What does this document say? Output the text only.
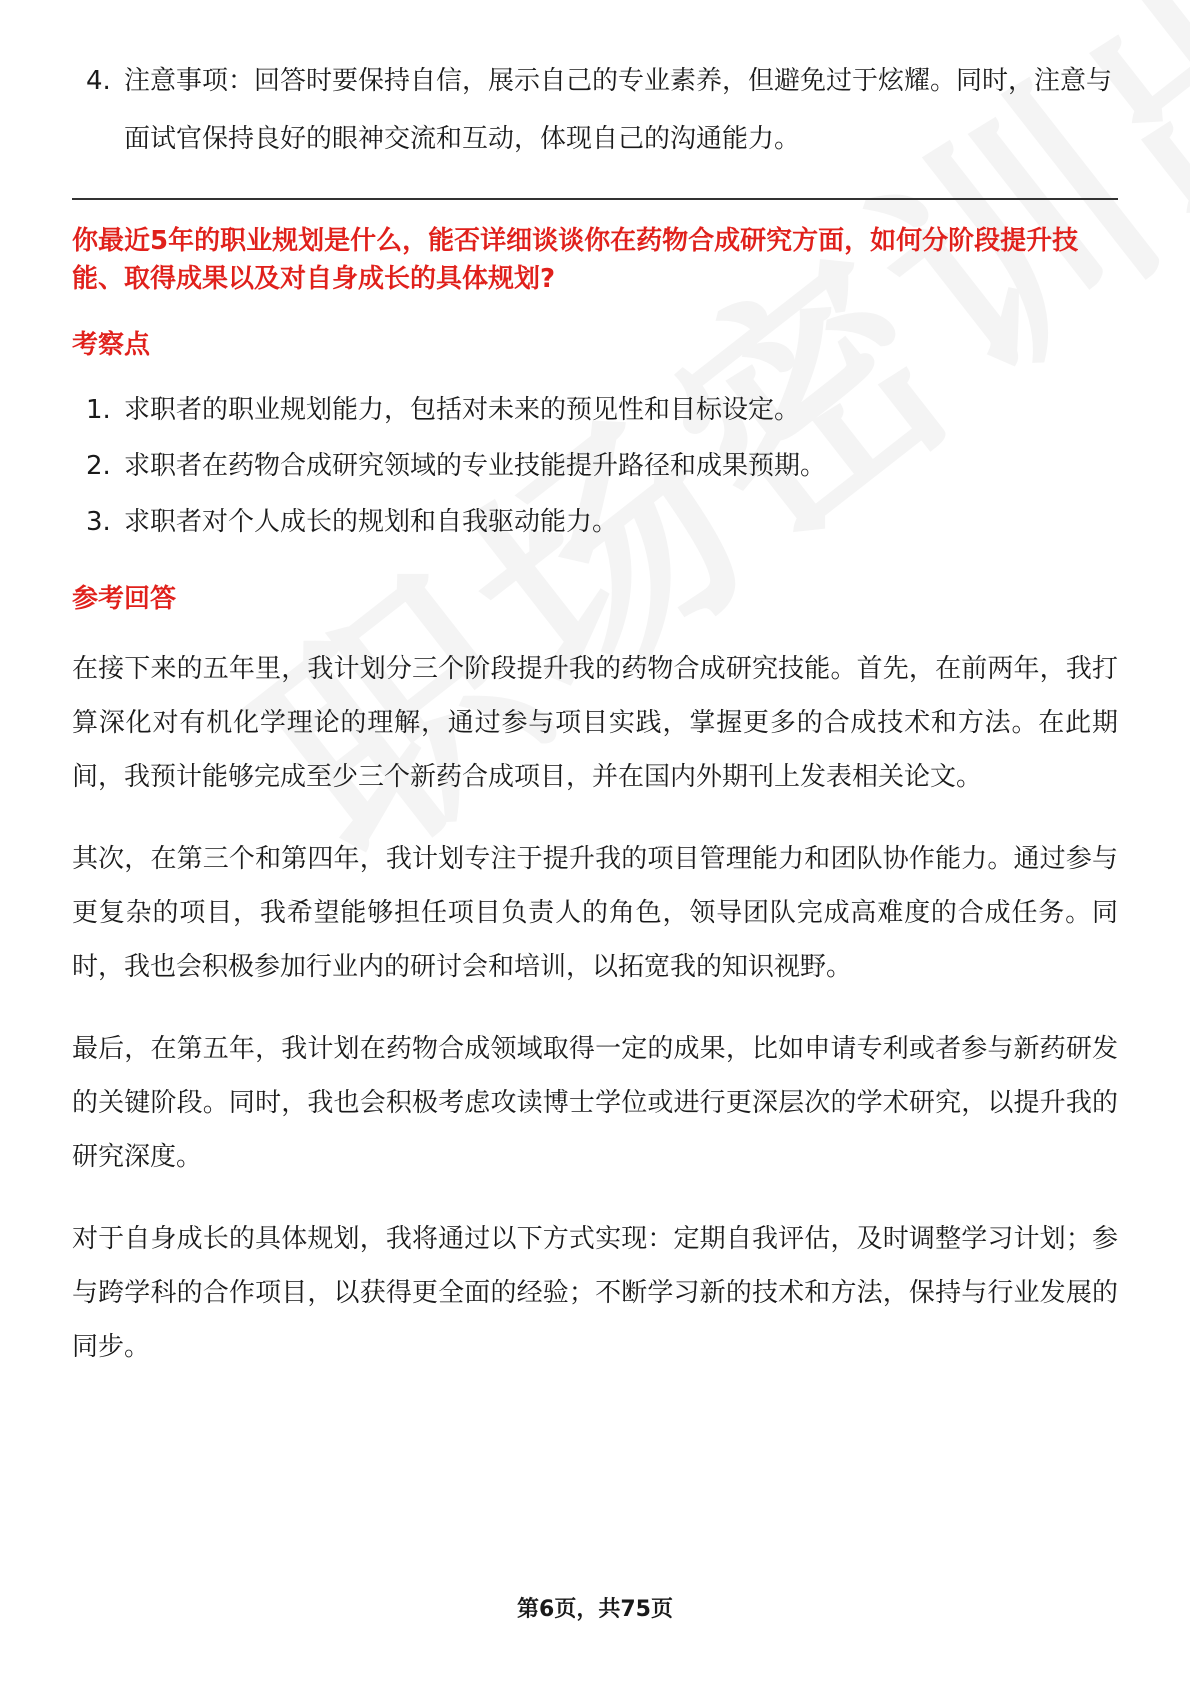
4. 注意事项：回答时要保持自信，展示自己的专业素养，但避免过于炫耀。同时，注意与面试官保持良好的眼神交流和互动，体现自己的沟通能力。

你最近5年的职业规划是什么，能否详细谈谈你在药物合成研究方面，如何分阶段提升技能、取得成果以及对自身成长的具体规划?

考察点

1. 求职者的职业规划能力，包括对未来的预见性和目标设定。
2. 求职者在药物合成研究领域的专业技能提升路径和成果预期。
3. 求职者对个人成长的规划和自我驱动能力。

参考回答

在接下来的五年里，我计划分三个阶段提升我的药物合成研究技能。首先，在前两年，我打算深化对有机化学理论的理解，通过参与项目实践，掌握更多的合成技术和方法。在此期间，我预计能够完成至少三个新药合成项目，并在国内外期刊上发表相关论文。

其次，在第三个和第四年，我计划专注于提升我的项目管理能力和团队协作能力。通过参与更复杂的项目，我希望能够担任项目负责人的角色，领导团队完成高难度的合成任务。同时，我也会积极参加行业内的研讨会和培训，以拓宽我的知识视野。

最后，在第五年，我计划在药物合成领域取得一定的成果，比如申请专利或者参与新药研发的关键阶段。同时，我也会积极考虑攻读博士学位或进行更深层次的学术研究，以提升我的研究深度。

对于自身成长的具体规划，我将通过以下方式实现：定期自我评估，及时调整学习计划；参与跨学科的合作项目，以获得更全面的经验；不断学习新的技术和方法，保持与行业发展的同步。

第6页，共75页
